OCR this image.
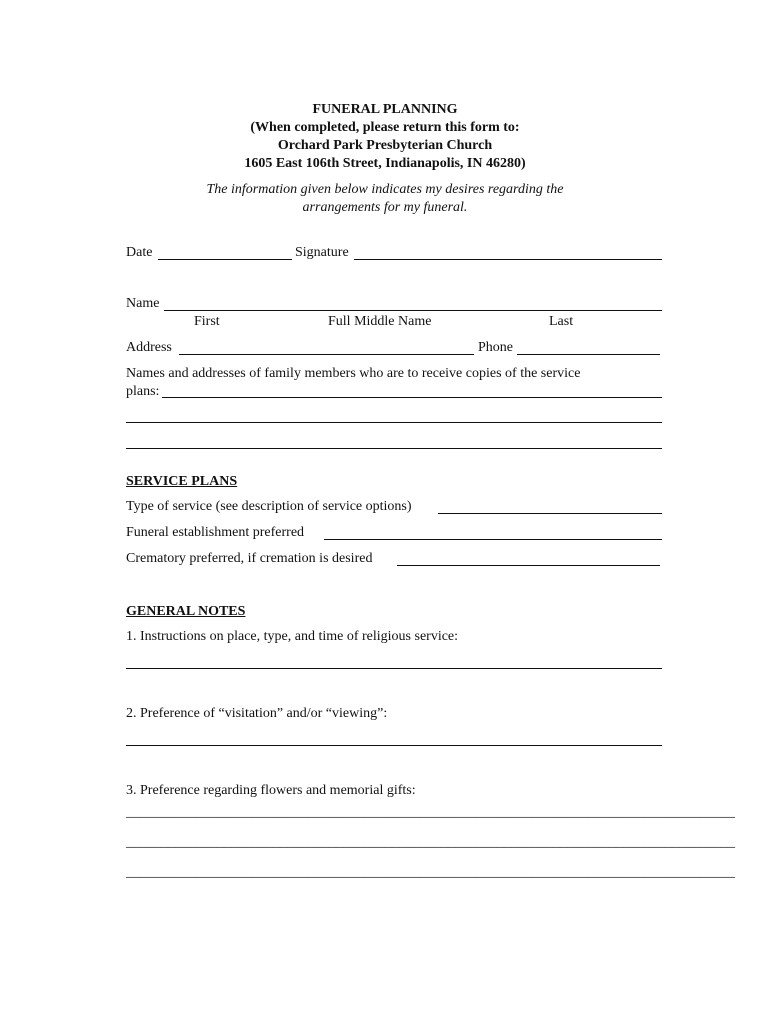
FUNERAL PLANNING
(When completed, please return this form to:
Orchard Park Presbyterian Church
1605 East 106th Street, Indianapolis, IN 46280)
The information given below indicates my desires regarding the
arrangements for my funeral.
Date	Signature
Name
First	Full Middle Name	Last
Address	Phone
Names and addresses of family members who are to receive copies of the service
plans:
SERVICE PLANS
Type of service (see description of service options)
Funeral establishment preferred
Crematory preferred, if cremation is desired
GENERAL NOTES
1. Instructions on place, type, and time of religious service:
2. Preference of “visitation” and/or “viewing”:
3. Preference regarding flowers and memorial gifts:
_______________________________________________________________________________________
_______________________________________________________________________________________
_______________________________________________________________________________________
